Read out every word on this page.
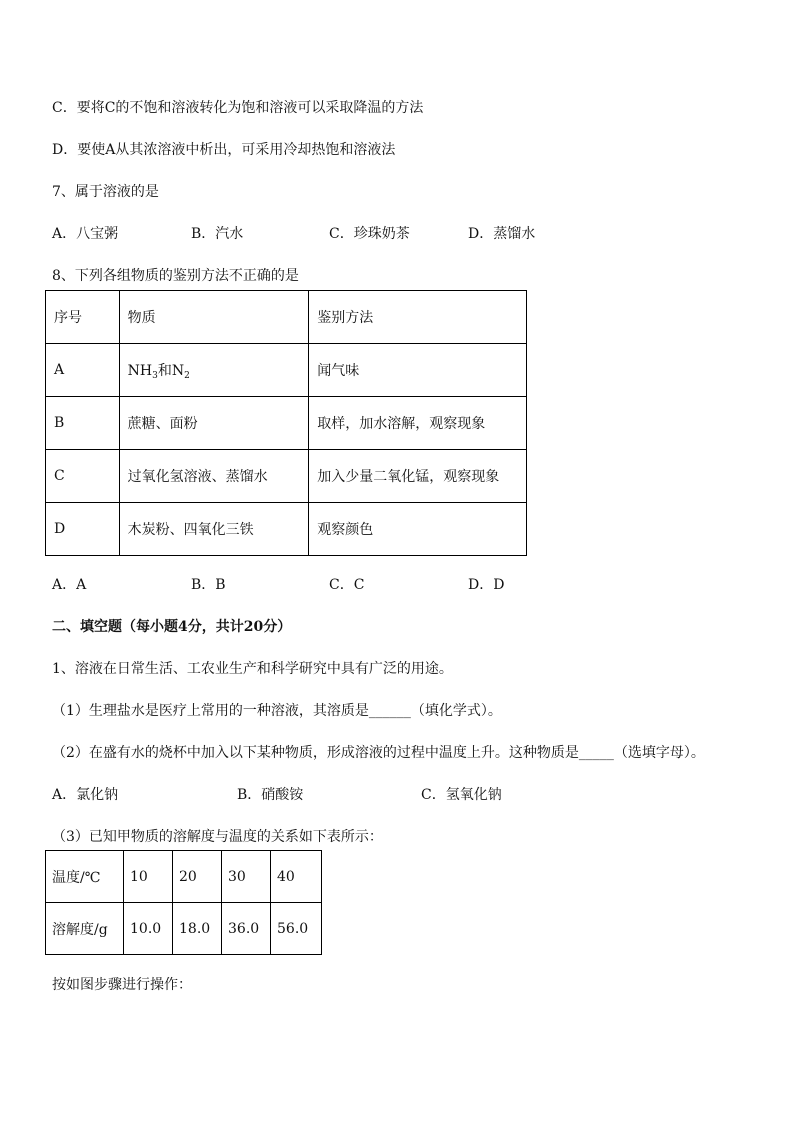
C．要将C的不饱和溶液转化为饱和溶液可以采取降温的方法
D．要使A从其浓溶液中析出，可采用冷却热饱和溶液法
7、属于溶液的是
A．八宝粥	B．汽水	C．珍珠奶茶	D．蒸馏水
8、下列各组物质的鉴别方法不正确的是
序号	物质	鉴别方法
A	$NH_3$和$N_2$	闻气味
B	蔗糖、面粉	取样，加水溶解，观察现象
C	过氧化氢溶液、蒸馏水	加入少量二氧化锰，观察现象
D	木炭粉、四氧化三铁	观察颜色
A．A	B．B	C．C	D．D
二、填空题（每小题4分，共计20分）
1、溶液在日常生活、工农业生产和科学研究中具有广泛的用途。
（1）生理盐水是医疗上常用的一种溶液，其溶质是______（填化学式）。
（2）在盛有水的烧杯中加入以下某种物质，形成溶液的过程中温度上升。这种物质是_____（选填字母）。
A．氯化钠	B．硝酸铵	C．氢氧化钠
（3）已知甲物质的溶解度与温度的关系如下表所示：
温度/℃	10	20	30	40
溶解度/g	10.0	18.0	36.0	56.0
按如图步骤进行操作：
